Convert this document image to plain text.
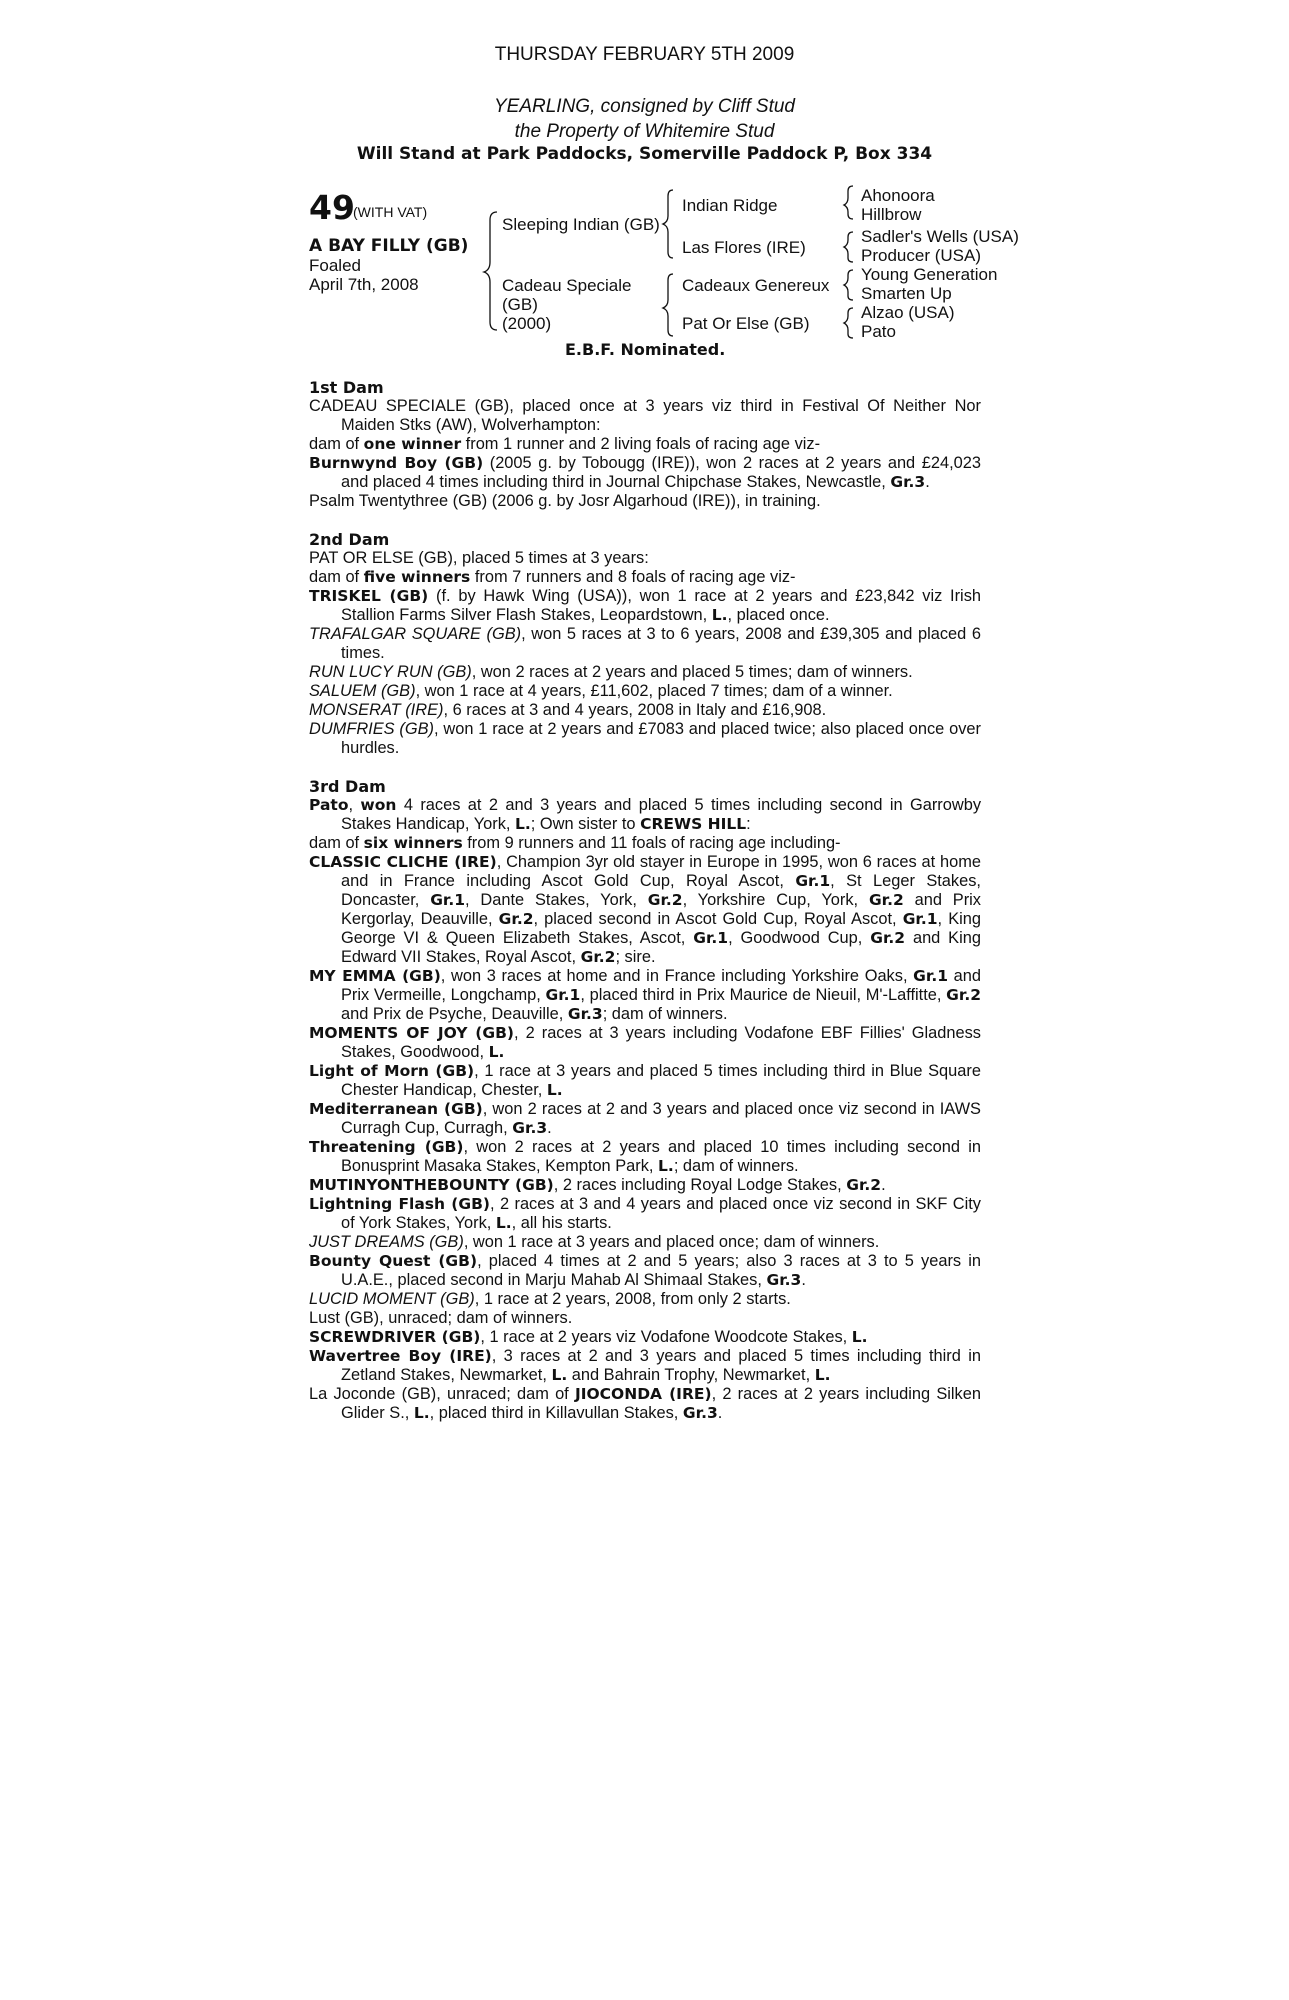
THURSDAY FEBRUARY 5TH 2009
YEARLING, consigned by Cliff Stud
the Property of Whitemire Stud
Will Stand at Park Paddocks, Somerville Paddock P, Box 334
49
(WITH VAT)
A BAY FILLY (GB)
Foaled
April 7th, 2008
Sleeping Indian (GB)
Cadeau Speciale
(GB)
(2000)
Indian Ridge
Las Flores (IRE)
Cadeaux Genereux
Pat Or Else (GB)
Ahonoora
Hillbrow
Sadler's Wells (USA)
Producer (USA)
Young Generation
Smarten Up
Alzao (USA)
Pato
E.B.F. Nominated.
1st Dam
CADEAU SPECIALE (GB), placed once at 3 years viz third in Festival Of Neither Nor Maiden Stks (AW), Wolverhampton:
dam of one winner from 1 runner and 2 living foals of racing age viz-
Burnwynd Boy (GB) (2005 g. by Tobougg (IRE)), won 2 races at 2 years and £24,023 and placed 4 times including third in Journal Chipchase Stakes, Newcastle, Gr.3.
Psalm Twentythree (GB) (2006 g. by Josr Algarhoud (IRE)), in training.
2nd Dam
PAT OR ELSE (GB), placed 5 times at 3 years:
dam of five winners from 7 runners and 8 foals of racing age viz-
TRISKEL (GB) (f. by Hawk Wing (USA)), won 1 race at 2 years and £23,842 viz Irish Stallion Farms Silver Flash Stakes, Leopardstown, L., placed once.
TRAFALGAR SQUARE (GB), won 5 races at 3 to 6 years, 2008 and £39,305 and placed 6 times.
RUN LUCY RUN (GB), won 2 races at 2 years and placed 5 times; dam of winners.
SALUEM (GB), won 1 race at 4 years, £11,602, placed 7 times; dam of a winner.
MONSERAT (IRE), 6 races at 3 and 4 years, 2008 in Italy and £16,908.
DUMFRIES (GB), won 1 race at 2 years and £7083 and placed twice; also placed once over hurdles.
3rd Dam
Pato, won 4 races at 2 and 3 years and placed 5 times including second in Garrowby Stakes Handicap, York, L.; Own sister to CREWS HILL:
dam of six winners from 9 runners and 11 foals of racing age including-
CLASSIC CLICHE (IRE), Champion 3yr old stayer in Europe in 1995, won 6 races at home and in France including Ascot Gold Cup, Royal Ascot, Gr.1, St Leger Stakes, Doncaster, Gr.1, Dante Stakes, York, Gr.2, Yorkshire Cup, York, Gr.2 and Prix Kergorlay, Deauville, Gr.2, placed second in Ascot Gold Cup, Royal Ascot, Gr.1, King George VI & Queen Elizabeth Stakes, Ascot, Gr.1, Goodwood Cup, Gr.2 and King Edward VII Stakes, Royal Ascot, Gr.2; sire.
MY EMMA (GB), won 3 races at home and in France including Yorkshire Oaks, Gr.1 and Prix Vermeille, Longchamp, Gr.1, placed third in Prix Maurice de Nieuil, M'-Laffitte, Gr.2 and Prix de Psyche, Deauville, Gr.3; dam of winners.
MOMENTS OF JOY (GB), 2 races at 3 years including Vodafone EBF Fillies' Gladness Stakes, Goodwood, L.
Light of Morn (GB), 1 race at 3 years and placed 5 times including third in Blue Square Chester Handicap, Chester, L.
Mediterranean (GB), won 2 races at 2 and 3 years and placed once viz second in IAWS Curragh Cup, Curragh, Gr.3.
Threatening (GB), won 2 races at 2 years and placed 10 times including second in Bonusprint Masaka Stakes, Kempton Park, L.; dam of winners.
MUTINYONTHEBOUNTY (GB), 2 races including Royal Lodge Stakes, Gr.2.
Lightning Flash (GB), 2 races at 3 and 4 years and placed once viz second in SKF City of York Stakes, York, L., all his starts.
JUST DREAMS (GB), won 1 race at 3 years and placed once; dam of winners.
Bounty Quest (GB), placed 4 times at 2 and 5 years; also 3 races at 3 to 5 years in U.A.E., placed second in Marju Mahab Al Shimaal Stakes, Gr.3.
LUCID MOMENT (GB), 1 race at 2 years, 2008, from only 2 starts.
Lust (GB), unraced; dam of winners.
SCREWDRIVER (GB), 1 race at 2 years viz Vodafone Woodcote Stakes, L.
Wavertree Boy (IRE), 3 races at 2 and 3 years and placed 5 times including third in Zetland Stakes, Newmarket, L. and Bahrain Trophy, Newmarket, L.
La Joconde (GB), unraced; dam of JIOCONDA (IRE), 2 races at 2 years including Silken Glider S., L., placed third in Killavullan Stakes, Gr.3.
